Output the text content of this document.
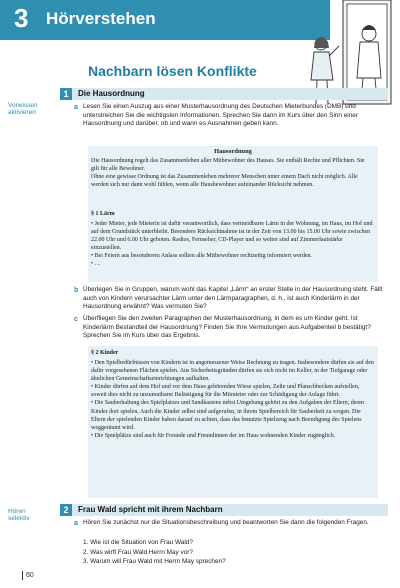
3 Hörverstehen
Nachbarn lösen Konflikte
Vorwissen
aktivieren
1	Die Hausordnung
a Lesen Sie einen Auszug aus einer Musterhausordnung des Deutschen Mieterbundes (DMB) und unterstreichen Sie die wichtigsten Informationen. Sprechen Sie dann im Kurs über den Sinn einer Hausordnung und darüber, ob und wann es Ausnahmen geben kann.
Hausordnung
Die Hausordnung regelt das Zusammenleben aller Mitbewohner des Hauses. Sie enthält Rechte und Pflichten. Sie gilt für alle Bewohner.
Ohne eine gewisse Ordnung ist das Zusammenleben mehrerer Menschen unter einem Dach nicht möglich. Alle werden sich nur dann wohl fühlen, wenn alle Hausbewohner aufeinander Rücksicht nehmen.
§ 1 Lärm
• Jeder Mieter, jede Mieterin ist dafür verantwortlich, dass vermeidbarer Lärm in der Wohnung, im Haus, im Hof und auf dem Grundstück unterbleibt. Besondere Rücksichtnahme ist in der Zeit von 13.00 bis 15.00 Uhr sowie zwischen 22.00 Uhr und 6.00 Uhr geboten. Radios, Fernseher, CD-Player und so weiter sind auf Zimmerlautstärke einzustellen.
• Bei Feiern aus besonderem Anlass sollten alle Mitbewohner rechtzeitig informiert werden.
• …
b Überlegen Sie in Gruppen, warum wohl das Kapitel „Lärm“ an erster Stelle in der Hausordnung steht. Fällt auch von Kindern verursachter Lärm unter den Lärmparagraphen, d. h., ist auch Kinderlärm in der Hausordnung erwähnt? Was vermuten Sie?
c Überfliegen Sie den zweiten Paragraphen der Musterhausordnung, in dem es um Kinder geht. Ist Kinderlärm Bestandteil der Hausordnung? Finden Sie Ihre Vermutungen aus Aufgabenteil b bestätigt? Sprechen Sie im Kurs über das Ergebnis.
§ 2 Kinder
• Den Spielbedürfnissen von Kindern ist in angemessener Weise Rechnung zu tragen. Insbesondere dürfen sie auf den dafür vorgesehenen Flächen spielen. Aus Sicherheitsgründen dürfen sie sich nicht im Keller, in der Tiefgarage oder ähnlichen Gemeinschaftseinrichtungen aufhalten.
• Kinder dürfen auf dem Hof und vor dem Haus gehörenden Wiese spielen, Zelte und Planschbecken aufstellen, soweit dies nicht zu unzumutbarer Belästigung für die Mitmieter oder zur Schädigung der Anlage führt.
• Die Sauberhaltung des Spielplatzes und Sandkastens nebst Umgebung gehört zu den Aufgaben der Eltern, deren Kinder dort spielen. Auch die Kinder selbst sind aufgerufen, in ihrem Spielbereich für Sauberkeit zu sorgen. Die Eltern der spielenden Kinder haben darauf zu achten, dass das benutzte Spielzeug nach Beendigung des Spielens weggeräumt wird.
• Die Spielplätze sind auch für Freunde und Freundinnen der im Haus wohnenden Kinder zugänglich.
Hören
selektiv
2	Frau Wald spricht mit ihrem Nachbarn
a Hören Sie zunächst nur die Situationsbeschreibung und beantworten Sie dann die folgenden Fragen.
1. Wie ist die Situation von Frau Wald?
2. Was wirft Frau Wald Herrn May vor?
3. Warum will Frau Wald mit Herrn May sprechen?
60
